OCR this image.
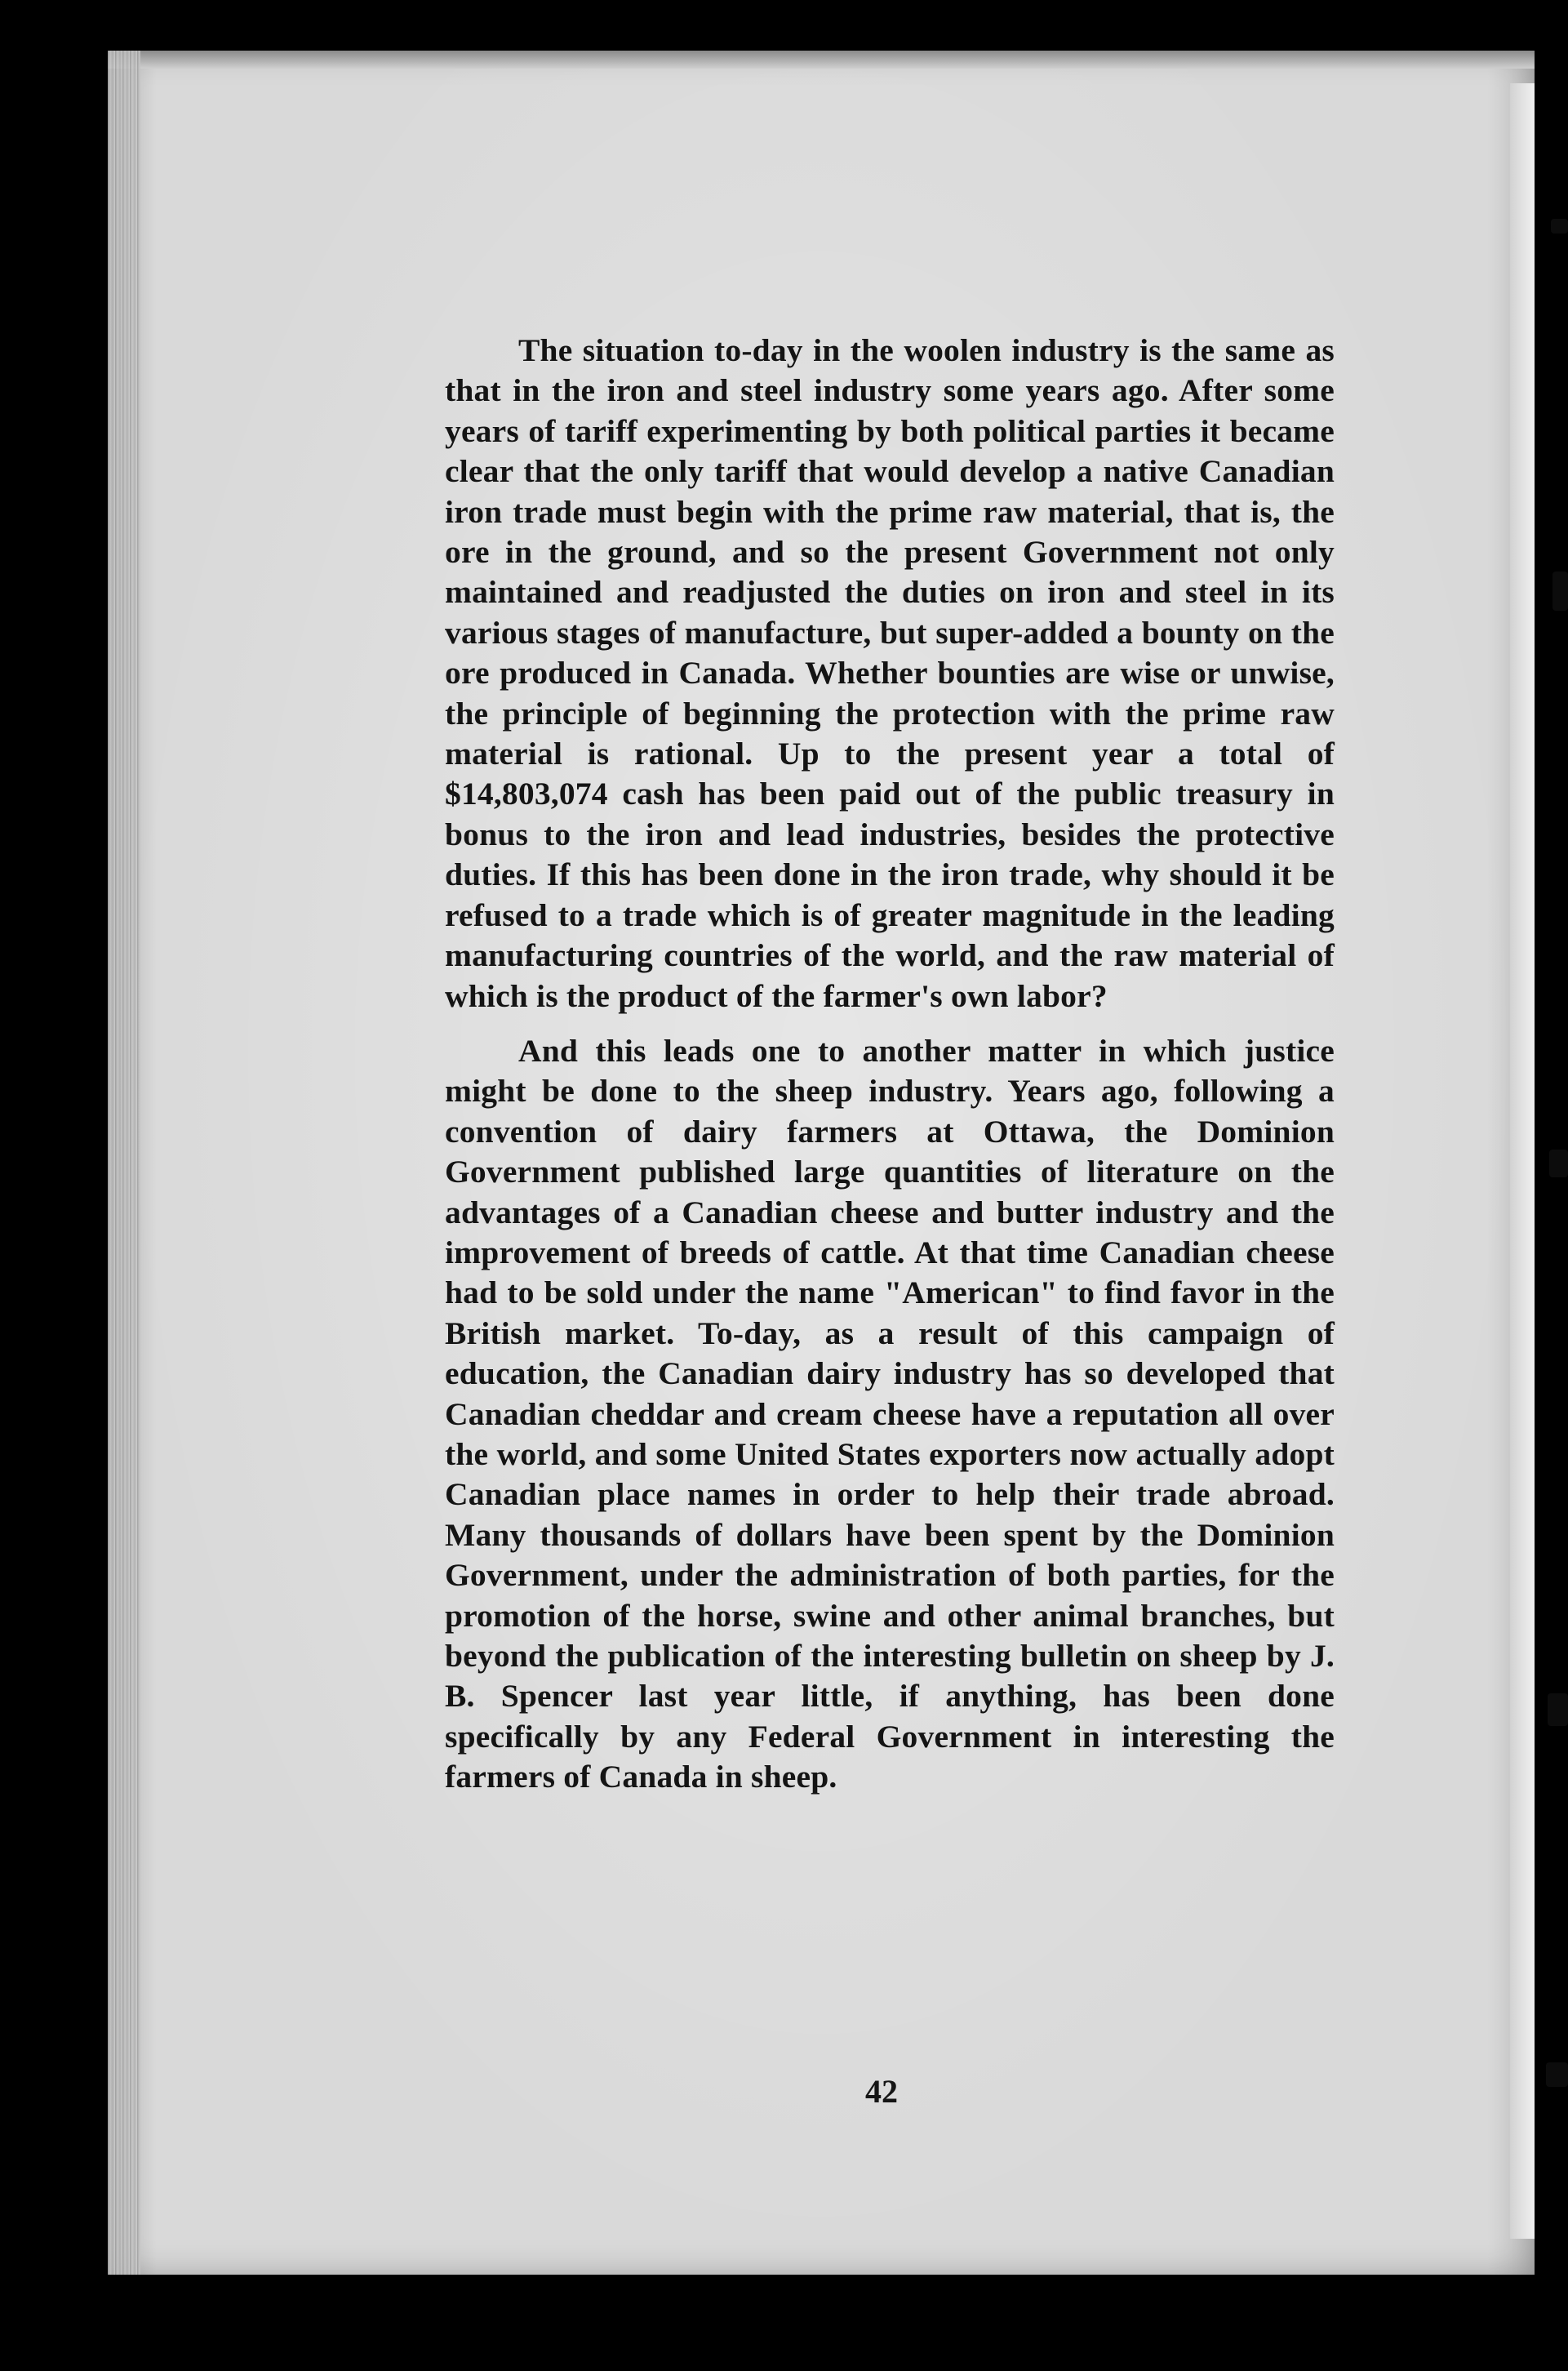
The situation to-day in the woolen industry is the same as that in the iron and steel industry some years ago. After some years of tariff experimenting by both political parties it became clear that the only tariff that would develop a native Canadian iron trade must begin with the prime raw material, that is, the ore in the ground, and so the present Government not only maintained and readjusted the duties on iron and steel in its various stages of manufacture, but super-added a bounty on the ore produced in Canada. Whether bounties are wise or unwise, the principle of beginning the protection with the prime raw material is rational. Up to the present year a total of $14,803,074 cash has been paid out of the public treasury in bonus to the iron and lead industries, besides the protective duties. If this has been done in the iron trade, why should it be refused to a trade which is of greater magnitude in the leading manufacturing countries of the world, and the raw material of which is the product of the farmer's own labor?

And this leads one to another matter in which justice might be done to the sheep industry. Years ago, following a convention of dairy farmers at Ottawa, the Dominion Government published large quantities of literature on the advantages of a Canadian cheese and butter industry and the improvement of breeds of cattle. At that time Canadian cheese had to be sold under the name "American" to find favor in the British market. To-day, as a result of this campaign of education, the Canadian dairy industry has so developed that Canadian cheddar and cream cheese have a reputation all over the world, and some United States exporters now actually adopt Canadian place names in order to help their trade abroad. Many thousands of dollars have been spent by the Dominion Government, under the administration of both parties, for the promotion of the horse, swine and other animal branches, but beyond the publication of the interesting bulletin on sheep by J. B. Spencer last year little, if anything, has been done specifically by any Federal Government in interesting the farmers of Canada in sheep.

42
